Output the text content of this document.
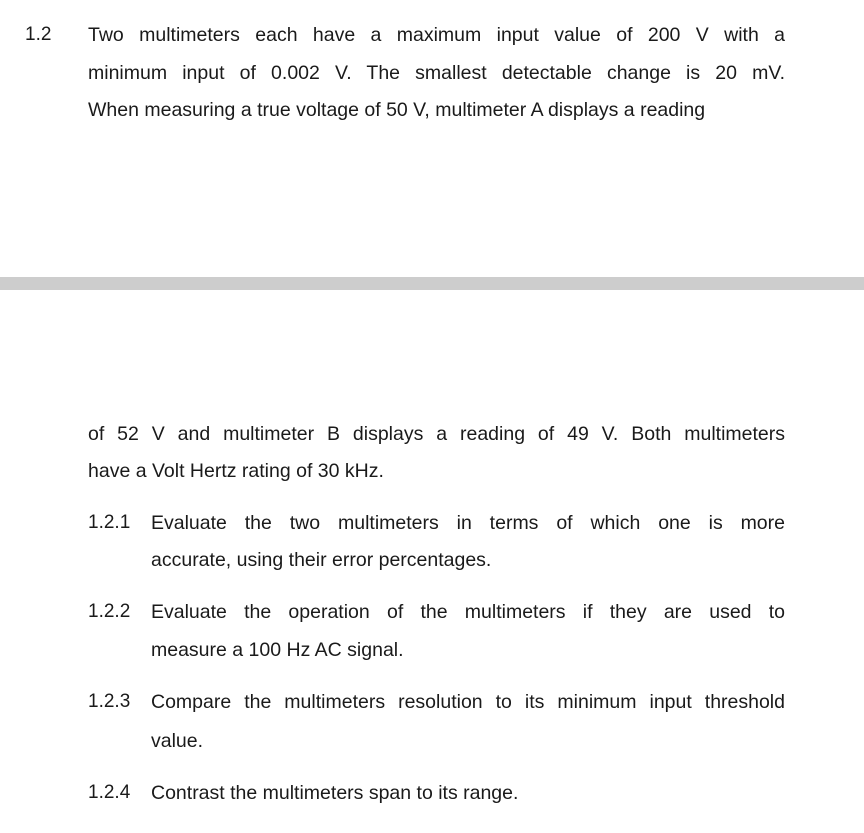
1.2 Two multimeters each have a maximum input value of 200 V with a
minimum input of 0.002 V. The smallest detectable change is 20 mV.
When measuring a true voltage of 50 V, multimeter A displays a reading
of 52 V and multimeter B displays a reading of 49 V. Both multimeters
have a Volt Hertz rating of 30 kHz.
1.2.1 Evaluate the two multimeters in terms of which one is more
accurate, using their error percentages.
1.2.2 Evaluate the operation of the multimeters if they are used to
measure a 100 Hz AC signal.
1.2.3 Compare the multimeters resolution to its minimum input threshold
value.
1.2.4 Contrast the multimeters span to its range.
